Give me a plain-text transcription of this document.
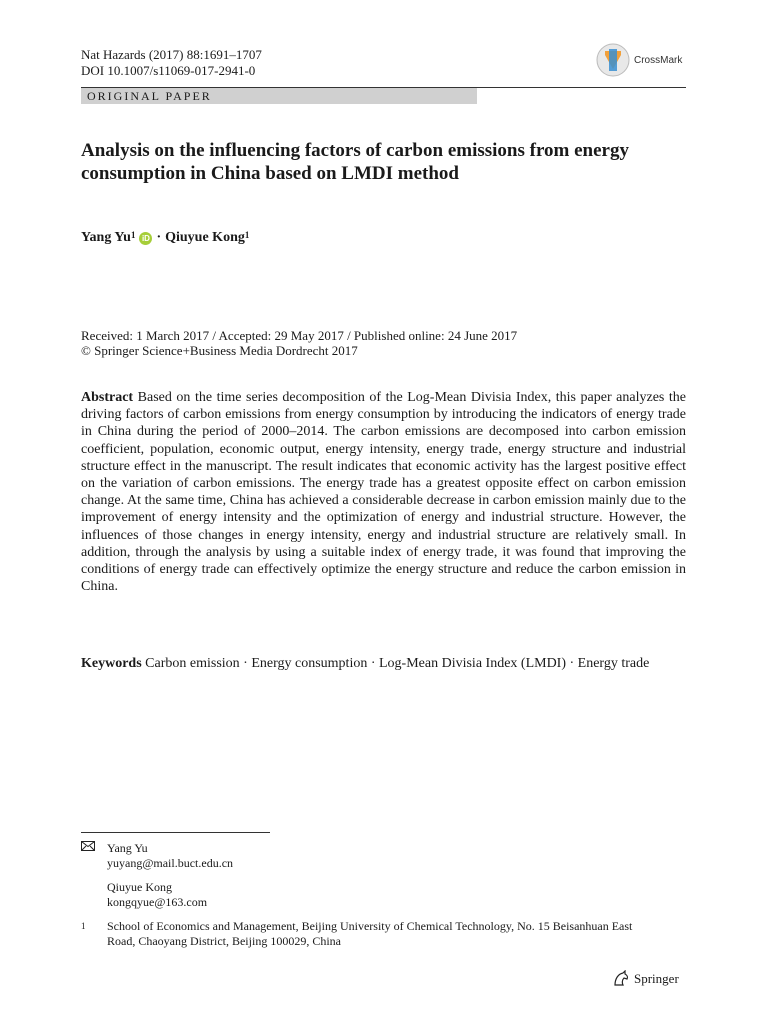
Nat Hazards (2017) 88:1691–1707
DOI 10.1007/s11069-017-2941-0
CrossMark
ORIGINAL PAPER
Analysis on the influencing factors of carbon emissions from energy consumption in China based on LMDI method
Yang Yu$^1$ iD · Qiuyue Kong$^1$
Received: 1 March 2017 / Accepted: 29 May 2017 / Published online: 24 June 2017
© Springer Science+Business Media Dordrecht 2017
Abstract Based on the time series decomposition of the Log-Mean Divisia Index, this paper analyzes the driving factors of carbon emissions from energy consumption by introducing the indicators of energy trade in China during the period of 2000–2014. The carbon emissions are decomposed into carbon emission coefficient, population, economic output, energy intensity, energy trade, energy structure and industrial structure effect in the manuscript. The result indicates that economic activity has the largest positive effect on the variation of carbon emissions. The energy trade has a greatest opposite effect on carbon emission change. At the same time, China has achieved a considerable decrease in carbon emission mainly due to the improvement of energy intensity and the optimization of energy and industrial structure. However, the influences of those changes in energy intensity, energy and industrial structure are relatively small. In addition, through the analysis by using a suitable index of energy trade, it was found that improving the conditions of energy trade can effectively optimize the energy structure and reduce the carbon emission in China.
Keywords Carbon emission · Energy consumption · Log-Mean Divisia Index (LMDI) · Energy trade
Yang Yu
yuyang@mail.buct.edu.cn
Qiuyue Kong
kongqyue@163.com
1	School of Economics and Management, Beijing University of Chemical Technology, No. 15 Beisanhuan East Road, Chaoyang District, Beijing 100029, China
Springer
